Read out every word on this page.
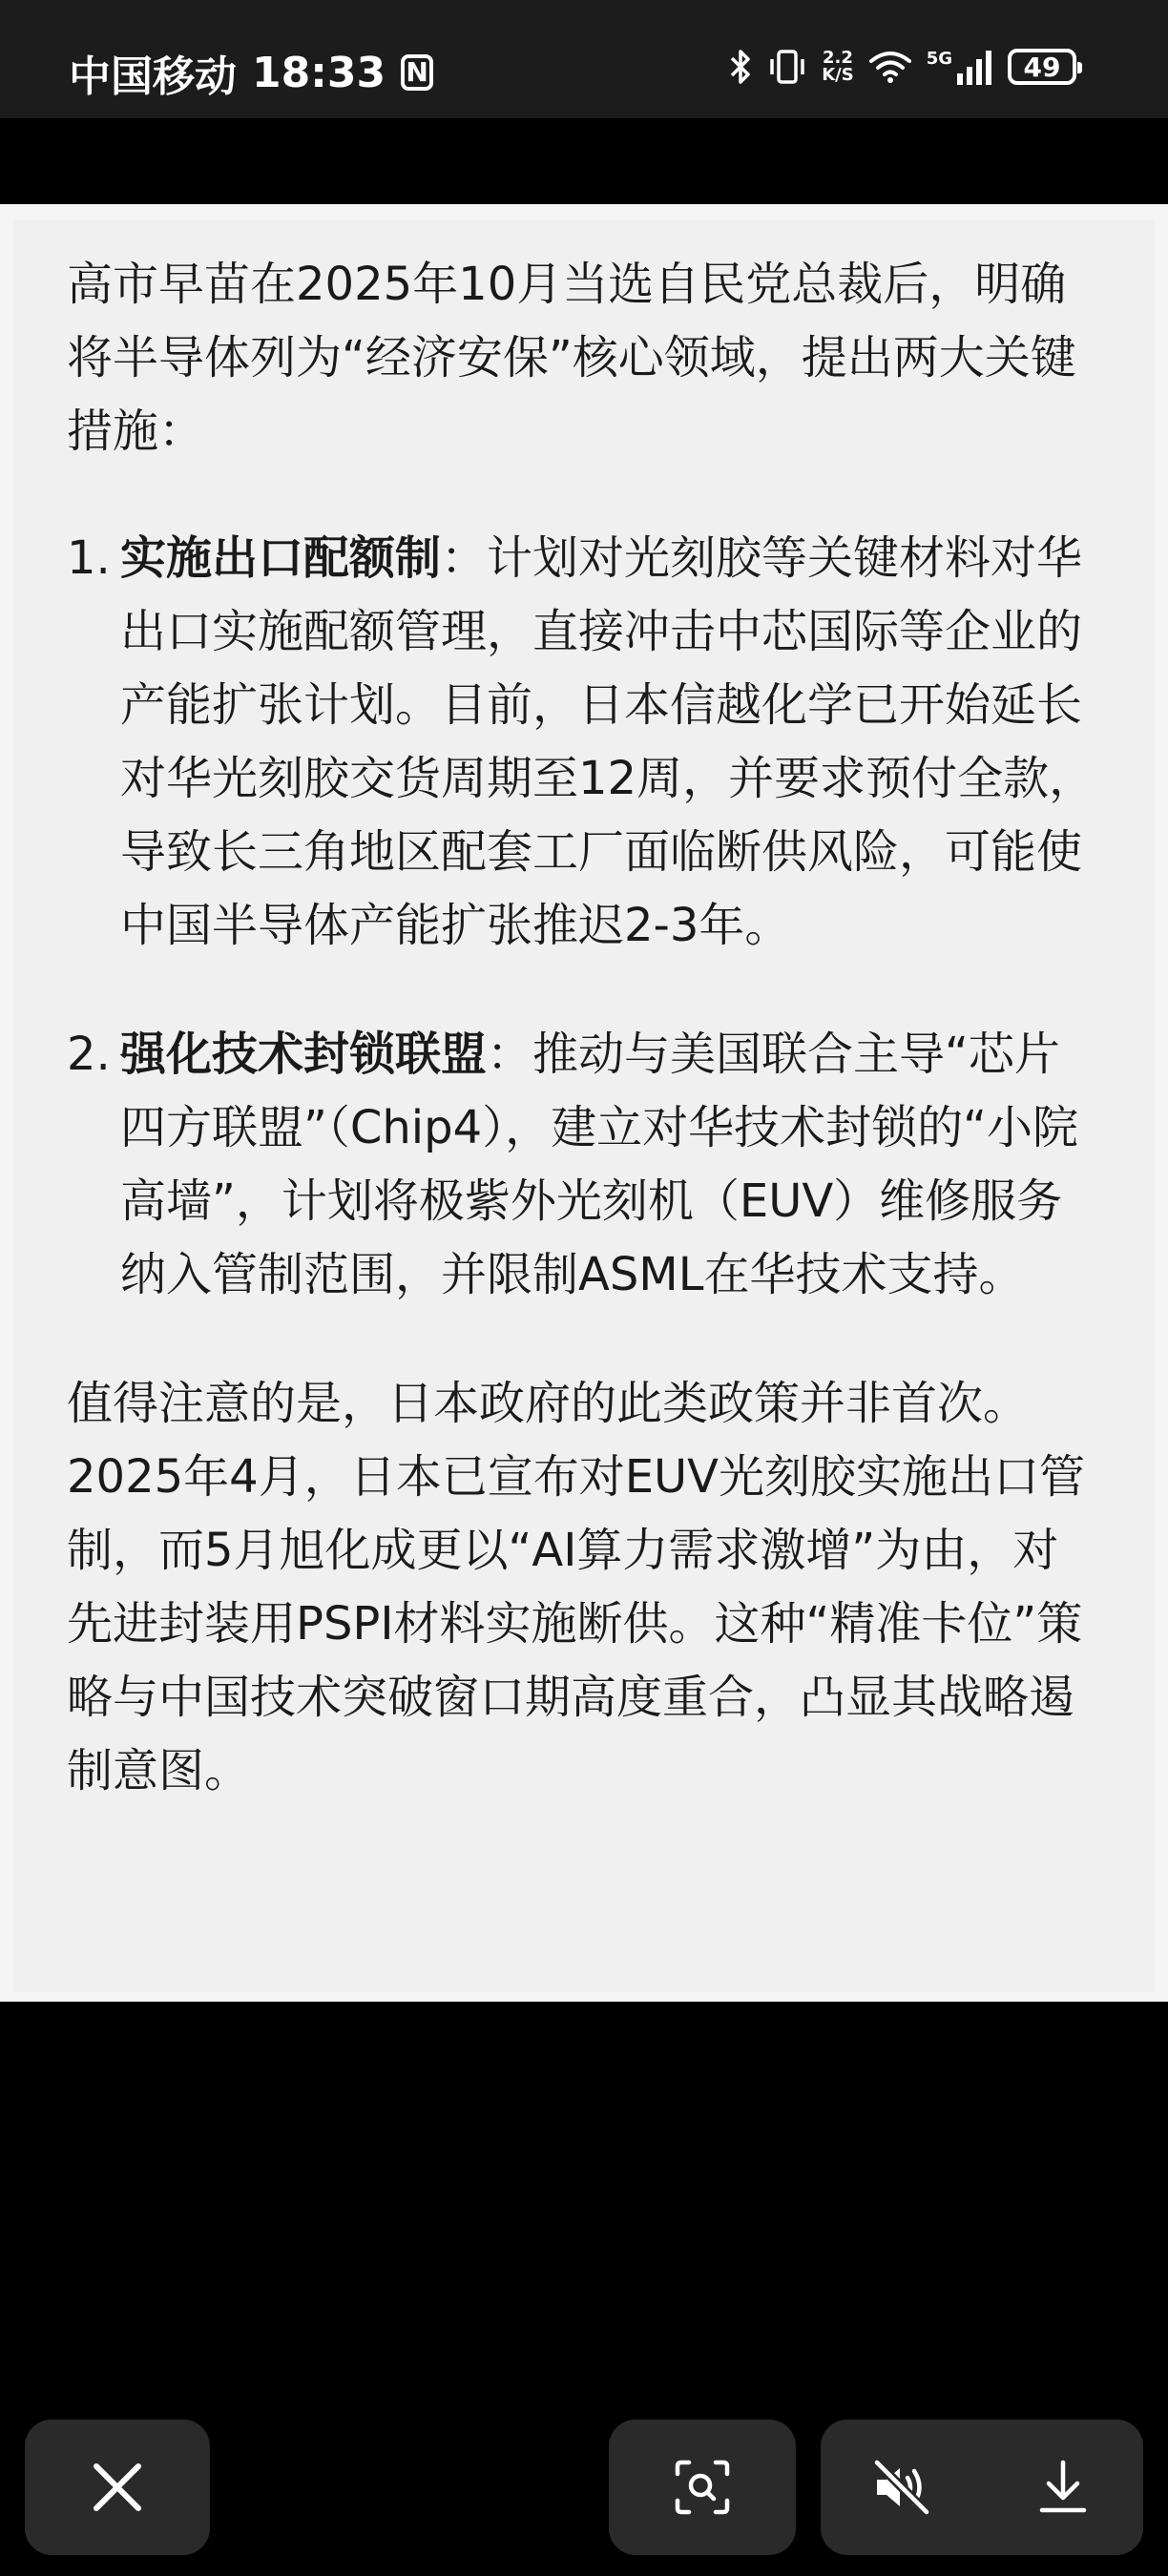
中国移动 18:33 N	2.2
K/S
5G	49

高市早苗在2025年10月当选自民党总裁后，明确将半导体列为“经济安保”核心领域，提出两大关键措施：

1. 实施出口配额制：计划对光刻胶等关键材料对华出口实施配额管理，直接冲击中芯国际等企业的产能扩张计划。目前，日本信越化学已开始延长对华光刻胶交货周期至12周，并要求预付全款，导致长三角地区配套工厂面临断供风险，可能使中国半导体产能扩张推迟2-3年。
2. 强化技术封锁联盟：推动与美国联合主导“芯片四方联盟”（Chip4），建立对华技术封锁的“小院高墙”，计划将极紫外光刻机（EUV）维修服务纳入管制范围，并限制ASML在华技术支持。

值得注意的是，日本政府的此类政策并非首次。2025年4月，日本已宣布对EUV光刻胶实施出口管制，而5月旭化成更以“AI算力需求激增”为由，对先进封装用PSPI材料实施断供。这种“精准卡位”策略与中国技术突破窗口期高度重合，凸显其战略遏制意图。
